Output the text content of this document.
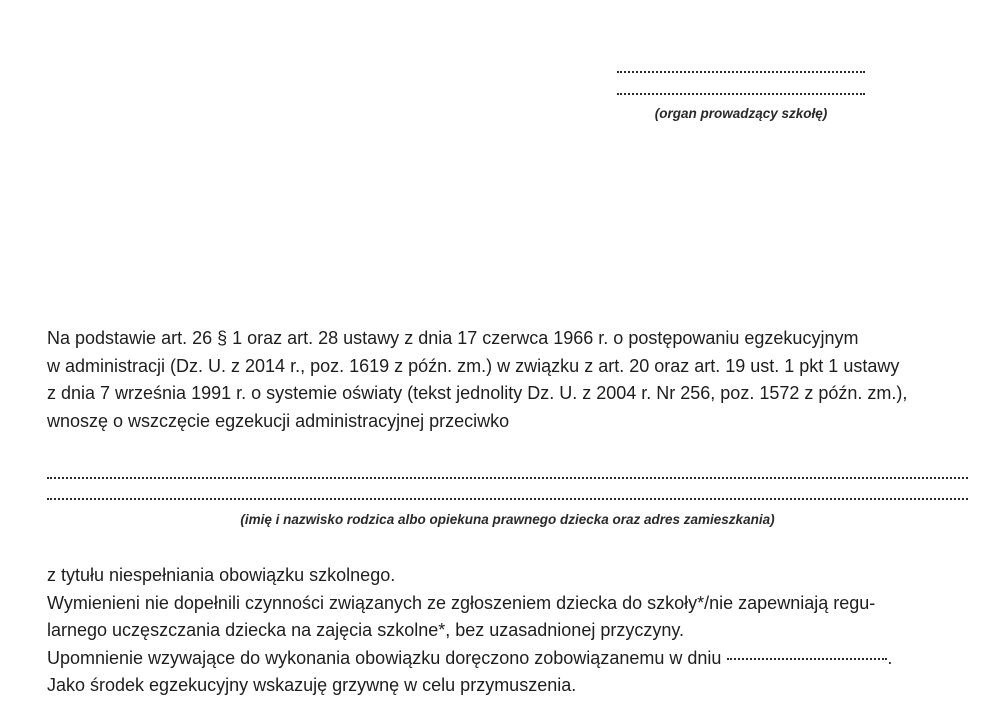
(organ prowadzący szkołę)

Na podstawie art. 26 § 1 oraz art. 28 ustawy z dnia 17 czerwca 1966 r. o postępowaniu egzekucyjnym
w administracji (Dz. U. z 2014 r., poz. 1619 z późn. zm.) w związku z art. 20 oraz art. 19 ust. 1 pkt 1 ustawy
z dnia 7 września 1991 r. o systemie oświaty (tekst jednolity Dz. U. z 2004 r. Nr 256, poz. 1572 z późn. zm.),
wnoszę o wszczęcie egzekucji administracyjnej przeciwko

(imię i nazwisko rodzica albo opiekuna prawnego dziecka oraz adres zamieszkania)

z tytułu niespełniania obowiązku szkolnego.
Wymienieni nie dopełnili czynności związanych ze zgłoszeniem dziecka do szkoły*/nie zapewniają regu-
larnego uczęszczania dziecka na zajęcia szkolne*, bez uzasadnionej przyczyny.
Upomnienie wzywające do wykonania obowiązku doręczono zobowiązanemu w dniu	.
Jako środek egzekucyjny wskazuję grzywnę w celu przymuszenia.
